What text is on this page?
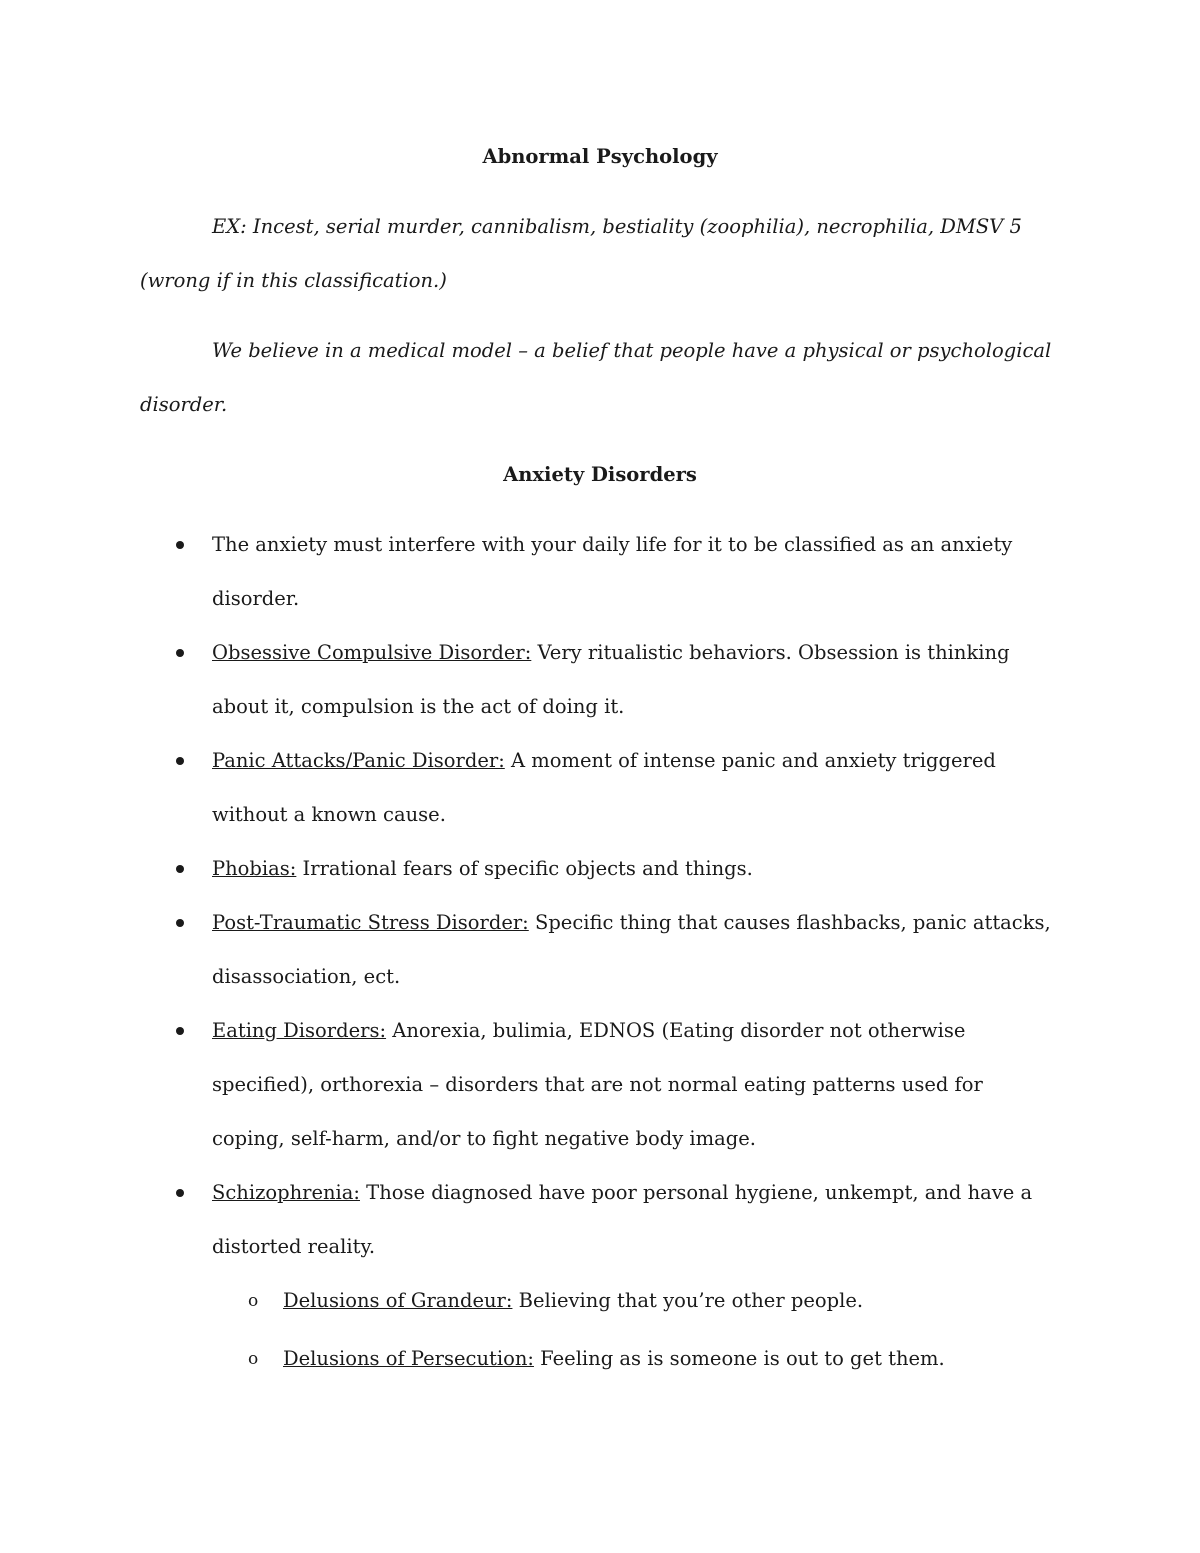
Abnormal Psychology

EX: Incest, serial murder, cannibalism, bestiality (zoophilia), necrophilia, DMSV 5 (wrong if in this classification.)

We believe in a medical model – a belief that people have a physical or psychological disorder.

Anxiety Disorders

The anxiety must interfere with your daily life for it to be classified as an anxiety disorder.
Obsessive Compulsive Disorder: Very ritualistic behaviors. Obsession is thinking about it, compulsion is the act of doing it.
Panic Attacks/Panic Disorder: A moment of intense panic and anxiety triggered without a known cause.
Phobias: Irrational fears of specific objects and things.
Post-Traumatic Stress Disorder: Specific thing that causes flashbacks, panic attacks, disassociation, ect.
Eating Disorders: Anorexia, bulimia, EDNOS (Eating disorder not otherwise specified), orthorexia – disorders that are not normal eating patterns used for coping, self-harm, and/or to fight negative body image.
Schizophrenia: Those diagnosed have poor personal hygiene, unkempt, and have a distorted reality.
o Delusions of Grandeur: Believing that you’re other people.
o Delusions of Persecution: Feeling as is someone is out to get them.
